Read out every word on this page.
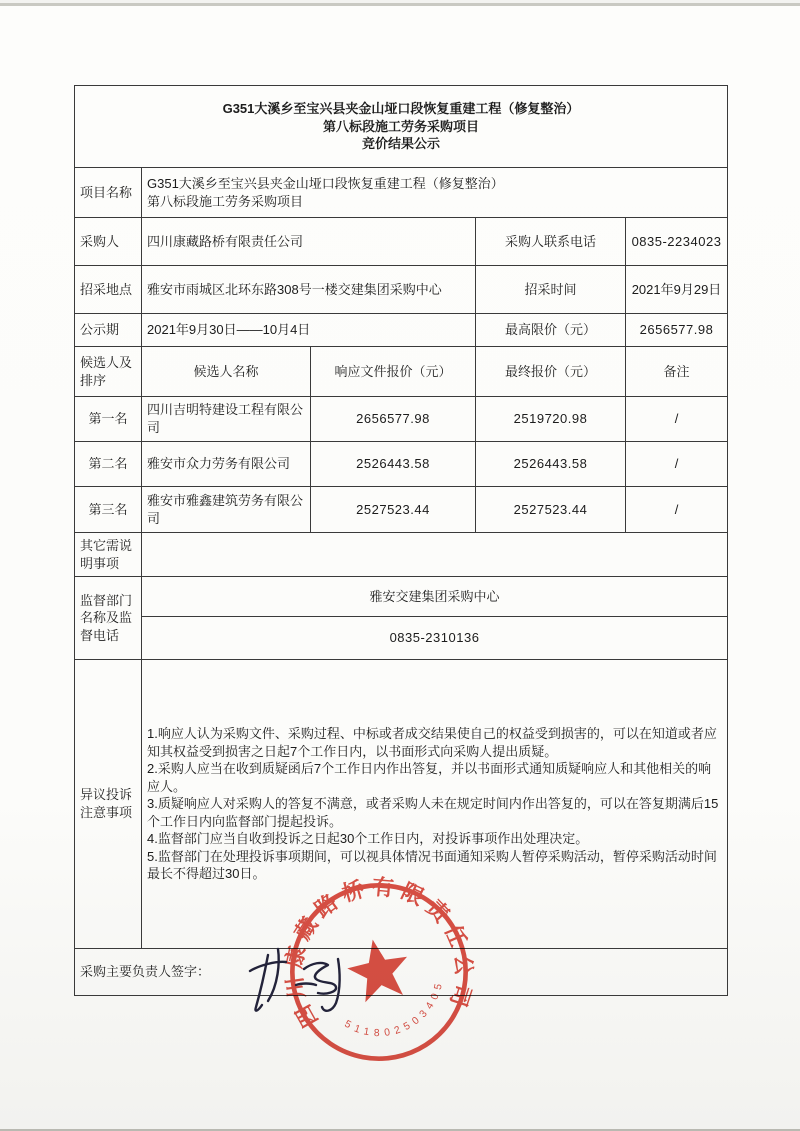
G351大溪乡至宝兴县夹金山垭口段恢复重建工程（修复整治）
第八标段施工劳务采购项目
竞价结果公示				

项目名称	G351大溪乡至宝兴县夹金山垭口段恢复重建工程（修复整治）
第八标段施工劳务采购项目			

采购人	四川康藏路桥有限责任公司		采购人联系电话	0835-2234023
招采地点	雅安市雨城区北环东路308号一楼交建集团采购中心		招采时间	2021年9月29日
公示期	2021年9月30日——10月4日		最高限价（元）	2656577.98
候选人及排序	候选人名称	响应文件报价（元）	最终报价（元）	备注
第一名	四川吉明特建设工程有限公司	2656577.98	2519720.98	/
第二名	雅安市众力劳务有限公司	2526443.58	2526443.58	/
第三名	雅安市雅鑫建筑劳务有限公司	2527523.44	2527523.44	/
其它需说明事项				
监督部门名称及监督电话	雅安交建集团采购中心			
	0835-2310136			
异议投诉注意事项	1.响应人认为采购文件、采购过程、中标或者成交结果使自己的权益受到损害的，可以在知道或者应知其权益受到损害之日起7个工作日内，以书面形式向采购人提出质疑。

2.采购人应当在收到质疑函后7个工作日内作出答复，并以书面形式通知质疑响应人和其他相关的响应人。

3.质疑响应人对采购人的答复不满意，或者采购人未在规定时间内作出答复的，可以在答复期满后15个工作日内向监督部门提起投诉。

4.监督部门应当自收到投诉之日起30个工作日内，对投诉事项作出处理决定。

5.监督部门在处理投诉事项期间，可以视具体情况书面通知采购人暂停采购活动，暂停采购活动时间最长不得超过30日。			

采购主要负责人签字：				
四川康藏路桥有限责任公司
511802503405
